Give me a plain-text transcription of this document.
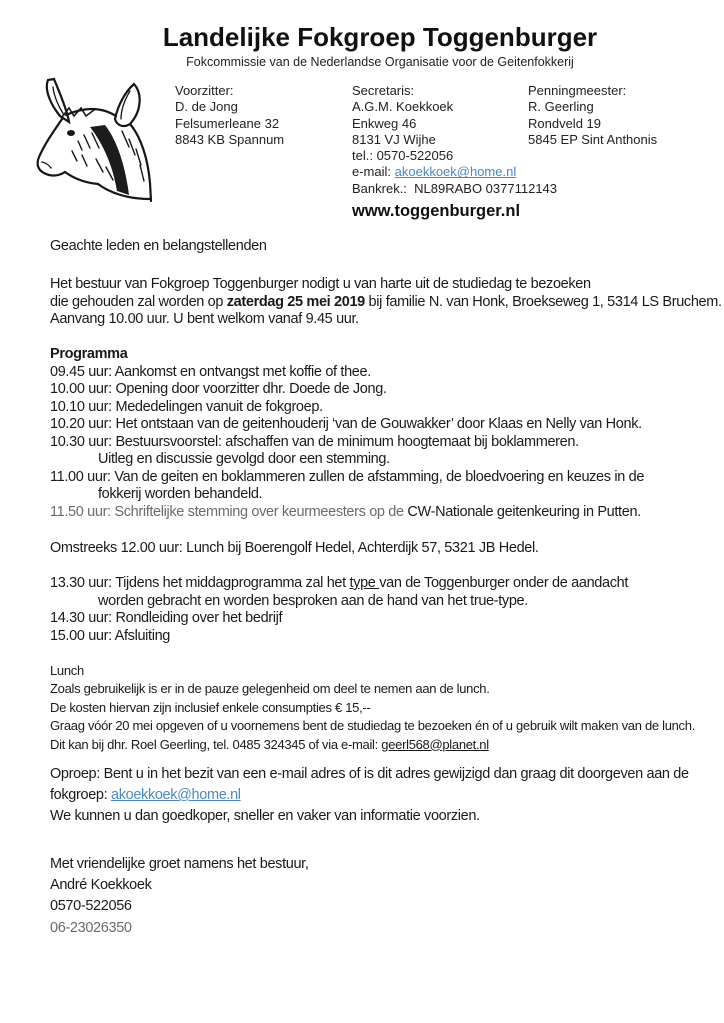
Landelijke Fokgroep Toggenburger
Fokcommissie van de Nederlandse Organisatie voor de Geitenfokkerij
Voorzitter:
D. de Jong
Felsumerleane 32
8843 KB Spannum
Secretaris:
A.G.M. Koekkoek
Enkweg 46
8131 VJ Wijhe
tel.: 0570-522056
e-mail: akoekkoek@home.nl
Bankrek.:  NL89RABO 0377112143
Penningmeester:
R. Geerling
Rondveld 19
5845 EP Sint Anthonis
www.toggenburger.nl
Geachte leden en belangstellenden
Het bestuur van Fokgroep Toggenburger nodigt u van harte uit de studiedag te bezoeken
die gehouden zal worden op zaterdag 25 mei 2019 bij familie N. van Honk, Broekseweg 1, 5314 LS Bruchem.
Aanvang 10.00 uur. U bent welkom vanaf 9.45 uur.
Programma
09.45 uur: Aankomst en ontvangst met koffie of thee.
10.00 uur: Opening door voorzitter dhr. Doede de Jong.
10.10 uur: Mededelingen vanuit de fokgroep.
10.20 uur: Het ontstaan van de geitenhouderij ‘van de Gouwakker’ door Klaas en Nelly van Honk.
10.30 uur: Bestuursvoorstel: afschaffen van de minimum hoogtemaat bij boklammeren.
Uitleg en discussie gevolgd door een stemming.
11.00 uur: Van de geiten en boklammeren zullen de afstamming, de bloedvoering en keuzes in de
fokkerij worden behandeld.
11.50 uur: Schriftelijke stemming over keurmeesters op de CW-Nationale geitenkeuring in Putten.
Omstreeks 12.00 uur: Lunch bij Boerengolf Hedel, Achterdijk 57, 5321 JB Hedel.
13.30 uur: Tijdens het middagprogramma zal het type van de Toggenburger onder de aandacht
worden gebracht en worden besproken aan de hand van het true-type.
14.30 uur: Rondleiding over het bedrijf
15.00 uur: Afsluiting
Lunch
Zoals gebruikelijk is er in de pauze gelegenheid om deel te nemen aan de lunch.
De kosten hiervan zijn inclusief enkele consumpties € 15,--
Graag vóór 20 mei opgeven of u voornemens bent de studiedag te bezoeken én of u gebruik wilt maken van de lunch.
Dit kan bij dhr. Roel Geerling, tel. 0485 324345 of via e-mail: geerl568@planet.nl
Oproep: Bent u in het bezit van een e-mail adres of is dit adres gewijzigd dan graag dit doorgeven aan de
fokgroep: akoekkoek@home.nl
We kunnen u dan goedkoper, sneller en vaker van informatie voorzien.
Met vriendelijke groet namens het bestuur,
André Koekkoek
0570-522056
06-23026350
